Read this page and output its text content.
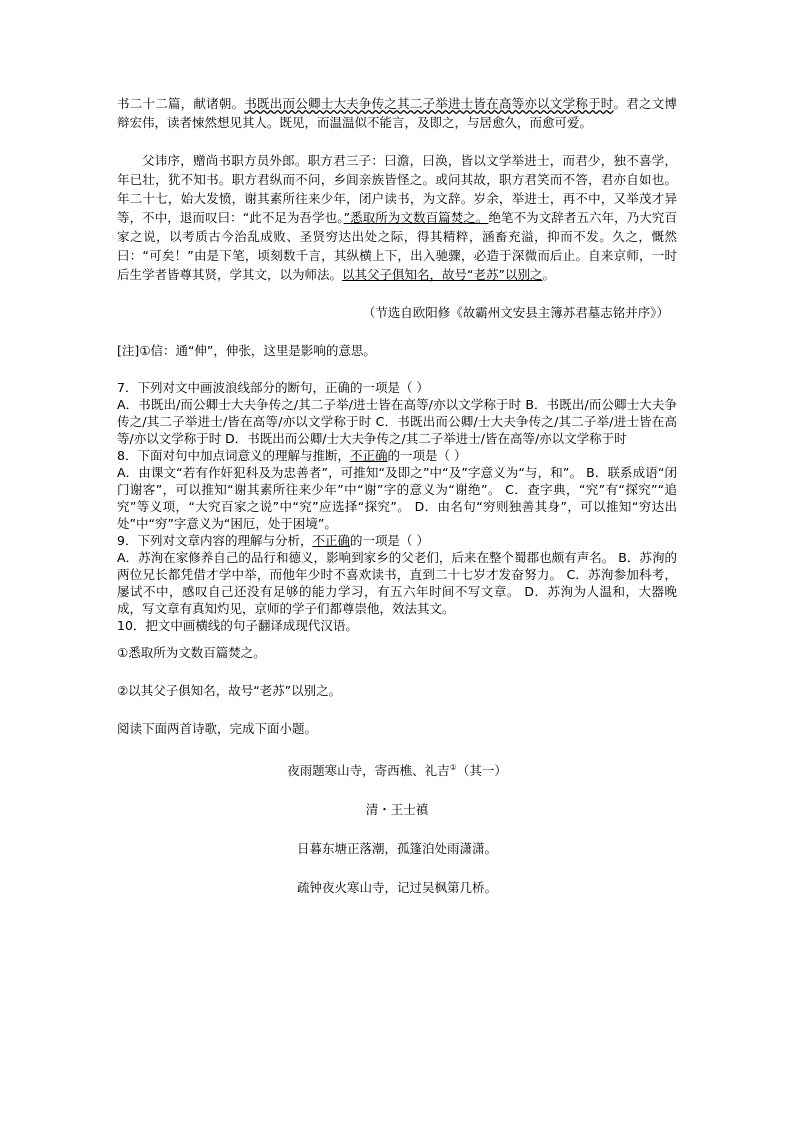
书二十二篇，献诸朝。书既出而公卿士大夫争传之其二子举进士皆在高等亦以文学称于时。君之文博辩宏伟，读者悚然想见其人。既见，而温温似不能言，及即之，与居愈久，而愈可爱。

父讳序，赠尚书职方员外郎。职方君三子：曰澹，曰涣，皆以文学举进士，而君少，独不喜学，年已壮，犹不知书。职方君纵而不问，乡闾亲族皆怪之。或问其故，职方君笑而不答，君亦自如也。年二十七，始大发愤，谢其素所往来少年，闭户读书，为文辞。岁余，举进士，再不中，又举茂才异等，不中，退而叹曰：“此不足为吾学也。”悉取所为文数百篇焚之。绝笔不为文辞者五六年，乃大究百家之说，以考质古今治乱成败、圣贤穷达出处之际，得其精粹，涵畜充溢，抑而不发。久之，慨然曰：“可矣！”由是下笔，顷刻数千言，其纵横上下，出入驰骤，必造于深微而后止。自来京师，一时后生学者皆尊其贤，学其文，以为师法。以其父子俱知名，故号“老苏”以别之。

（节选自欧阳修《故霸州文安县主簿苏君墓志铭并序》）

[注]①信：通“伸”，伸张，这里是影响的意思。

7．下列对文中画波浪线部分的断句，正确的一项是（ ）

A．书既出/而公卿士大夫争传之/其二子举/进士皆在高等/亦以文学称于时 B．书既出/而公卿士大夫争传之/其二子举进士/皆在高等/亦以文学称于时 C．书既出而公卿/士大夫争传之/其二子举/进士皆在高等/亦以文学称于时 D．书既出而公卿/士大夫争传之/其二子举进士/皆在高等/亦以文学称于时

8．下面对句中加点词意义的理解与推断，不正确的一项是（ ）

A．由课文“若有作奸犯科及为忠善者”，可推知“及即之”中“及”字意义为“与，和”。 B．联系成语“闭门谢客”，可以推知“谢其素所往来少年”中“谢”字的意义为“谢绝”。 C．查字典，“究”有“探究”“追究”等义项，“大究百家之说”中“究”应选择“探究”。 D．由名句“穷则独善其身”，可以推知“穷达出处”中“穷”字意义为“困厄，处于困境”。

9．下列对文章内容的理解与分析，不正确的一项是（ ）

A．苏洵在家修养自己的品行和德义，影响到家乡的父老们，后来在整个蜀郡也颇有声名。 B．苏洵的两位兄长都凭借才学中举，而他年少时不喜欢读书，直到二十七岁才发奋努力。 C．苏洵参加科考，屡试不中，感叹自己还没有足够的能力学习，有五六年时间不写文章。 D．苏洵为人温和，大器晚成，写文章有真知灼见，京师的学子们都尊崇他，效法其文。

10．把文中画横线的句子翻译成现代汉语。

①悉取所为文数百篇焚之。

②以其父子俱知名，故号“老苏”以别之。

阅读下面两首诗歌，完成下面小题。

夜雨题寒山寺，寄西樵、礼吉①（其一）

清・王士禛

日暮东塘正落潮，孤篷泊处雨潇潇。

疏钟夜火寒山寺，记过吴枫第几桥。
